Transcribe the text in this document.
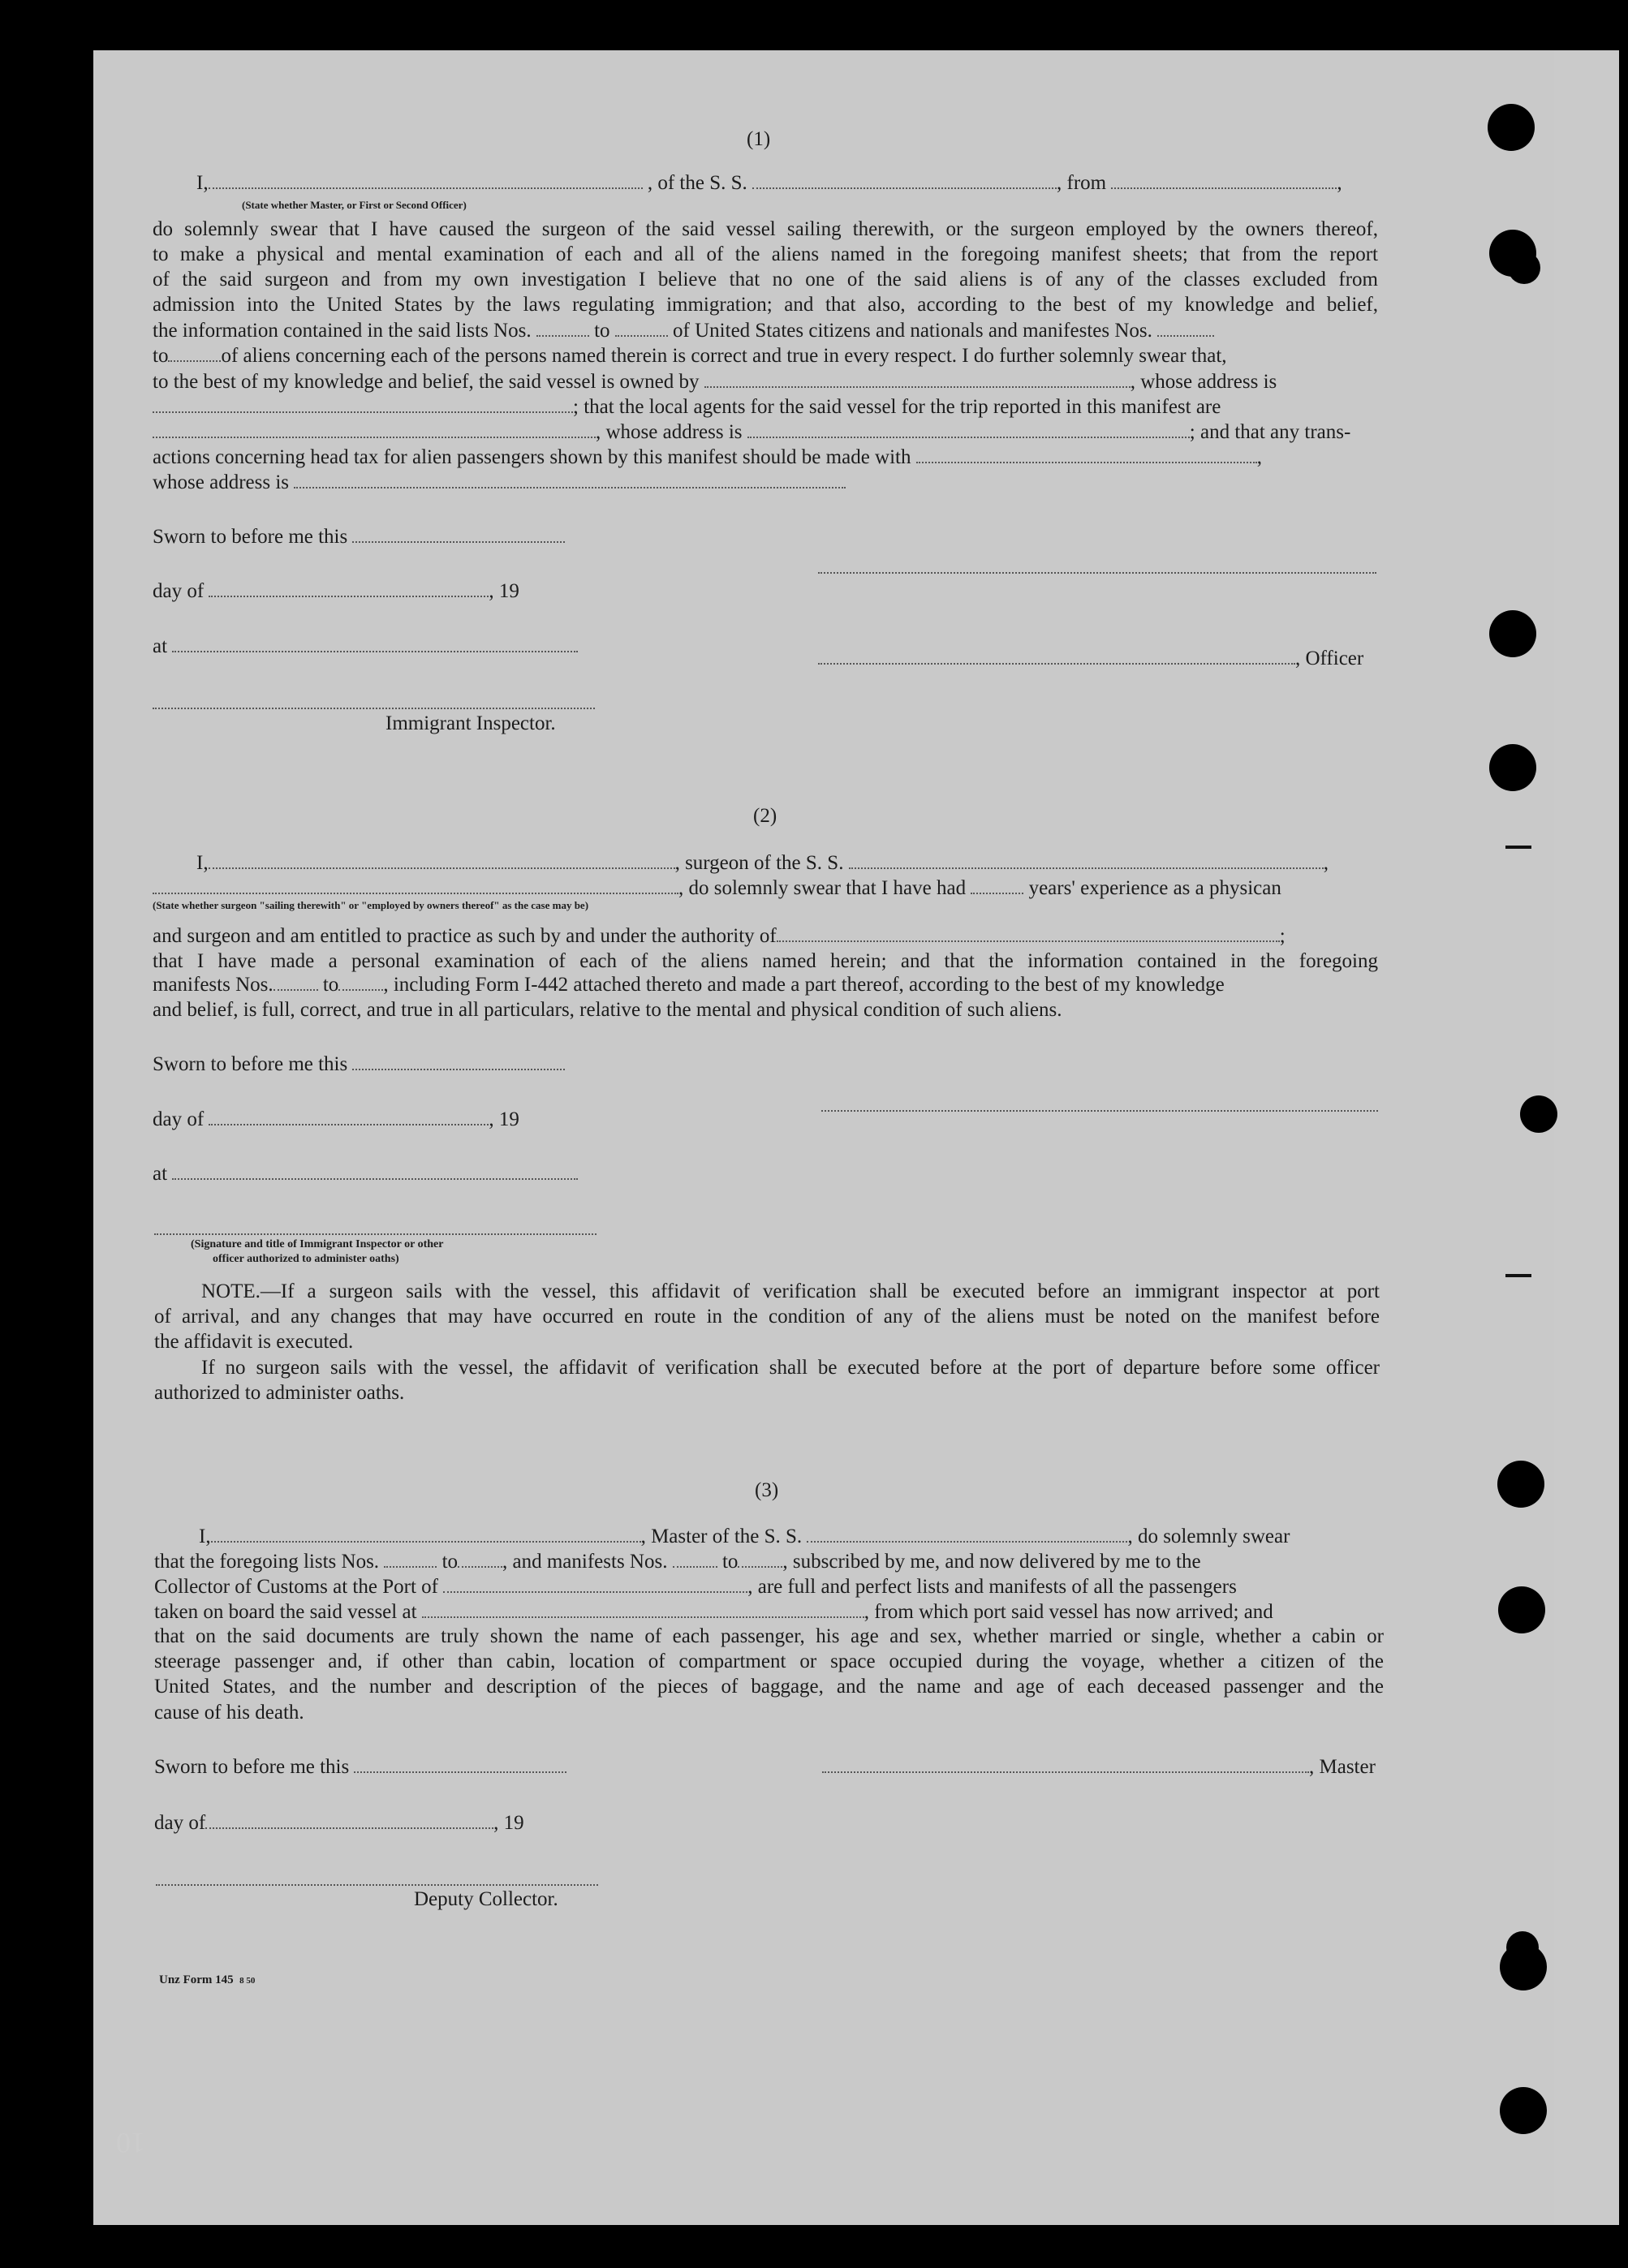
(1)
I,	, of the S. S.	, from	,
(State whether Master, or First or Second Officer)
do solemnly swear that I have caused the surgeon of the said vessel sailing therewith, or the surgeon employed by the owners thereof,
to make a physical and mental examination of each and all of the aliens named in the foregoing manifest sheets; that from the report
of the said surgeon and from my own investigation I believe that no one of the said aliens is of any of the classes excluded from
admission into the United States by the laws regulating immigration; and that also, according to the best of my knowledge and belief,
the information contained in the said lists Nos.	to	of United States citizens and nationals and manifestes Nos.
to	of aliens concerning each of the persons named therein is correct and true in every respect. I do further solemnly swear that,
to the best of my knowledge and belief, the said vessel is owned by	, whose address is
; that the local agents for the said vessel for the trip reported in this manifest are
, whose address is	; and that any trans-
actions concerning head tax for alien passengers shown by this manifest should be made with	,
whose address is
Sworn to before me this
day of	, 19
at
, Officer
Immigrant Inspector.
(2)
I,	, surgeon of the S. S.	,
, do solemnly swear that I have had	years' experience as a physican
(State whether surgeon "sailing therewith" or "employed by owners thereof" as the case may be)
and surgeon and am entitled to practice as such by and under the authority of	;
that I have made a personal examination of each of the aliens named herein; and that the information contained in the foregoing
manifests Nos. to , including Form I-442 attached thereto and made a part thereof, according to the best of my knowledge
and belief, is full, correct, and true in all particulars, relative to the mental and physical condition of such aliens.
Sworn to before me this
day of	, 19
at
(Signature and title of Immigrant Inspector or other
officer authorized to administer oaths)
NOTE.—If a surgeon sails with the vessel, this affidavit of verification shall be executed before an immigrant inspector at port
of arrival, and any changes that may have occurred en route in the condition of any of the aliens must be noted on the manifest before
the affidavit is executed.
If no surgeon sails with the vessel, the affidavit of verification shall be executed before at the port of departure before some officer
authorized to administer oaths.
(3)
I,	, Master of the S. S.	, do solemnly swear
that the foregoing lists Nos.	to , and manifests Nos.	to , subscribed by me, and now delivered by me to the
Collector of Customs at the Port of	, are full and perfect lists and manifests of all the passengers
taken on board the said vessel at	, from which port said vessel has now arrived; and
that on the said documents are truly shown the name of each passenger, his age and sex, whether married or single, whether a cabin or
steerage passenger and, if other than cabin, location of compartment or space occupied during the voyage, whether a citizen of the
United States, and the number and description of the pieces of baggage, and the name and age of each deceased passenger and the
cause of his death.
Sworn to before me this	, Master
day of	, 19
Deputy Collector.
Unz Form 145 8 50
10
